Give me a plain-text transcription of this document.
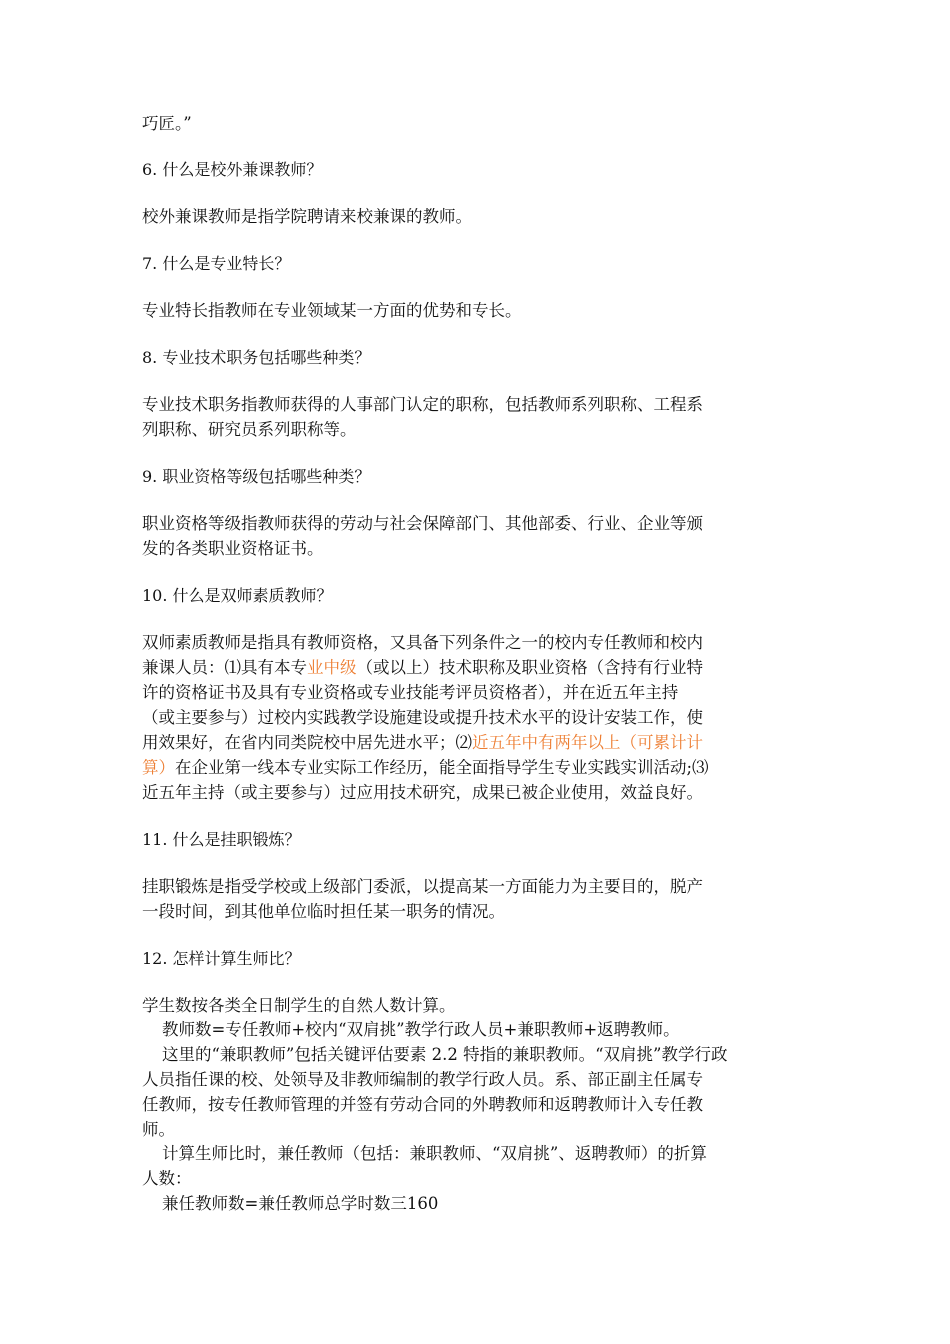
巧匠。”

6. 什么是校外兼课教师？

校外兼课教师是指学院聘请来校兼课的教师。

7. 什么是专业特长？

专业特长指教师在专业领域某一方面的优势和专长。

8. 专业技术职务包括哪些种类？

专业技术职务指教师获得的人事部门认定的职称，包括教师系列职称、工程系

列职称、研究员系列职称等。

9. 职业资格等级包括哪些种类？

职业资格等级指教师获得的劳动与社会保障部门、其他部委、行业、企业等颁

发的各类职业资格证书。

10. 什么是双师素质教师？

双师素质教师是指具有教师资格，又具备下列条件之一的校内专任教师和校内

兼课人员：⑴具有本专业中级（或以上）技术职称及职业资格（含持有行业特

许的资格证书及具有专业资格或专业技能考评员资格者），并在近五年主持

（或主要参与）过校内实践教学设施建设或提升技术水平的设计安装工作，使

用效果好，在省内同类院校中居先进水平；⑵近五年中有两年以上（可累计计

算）在企业第一线本专业实际工作经历，能全面指导学生专业实践实训活动;⑶

近五年主持（或主要参与）过应用技术研究，成果已被企业使用，效益良好。

11. 什么是挂职锻炼？

挂职锻炼是指受学校或上级部门委派，以提高某一方面能力为主要目的，脱产

一段时间，到其他单位临时担任某一职务的情况。

12. 怎样计算生师比？

学生数按各类全日制学生的自然人数计算。

教师数=专任教师+校内“双肩挑”教学行政人员+兼职教师+返聘教师。

这里的“兼职教师”包括关键评估要素 2.2 特指的兼职教师。“双肩挑”教学行政

人员指任课的校、处领导及非教师编制的教学行政人员。系、部正副主任属专

任教师，按专任教师管理的并签有劳动合同的外聘教师和返聘教师计入专任教

师。

计算生师比时，兼任教师（包括：兼职教师、“双肩挑”、返聘教师）的折算

人数：

兼任教师数=兼任教师总学时数三160
